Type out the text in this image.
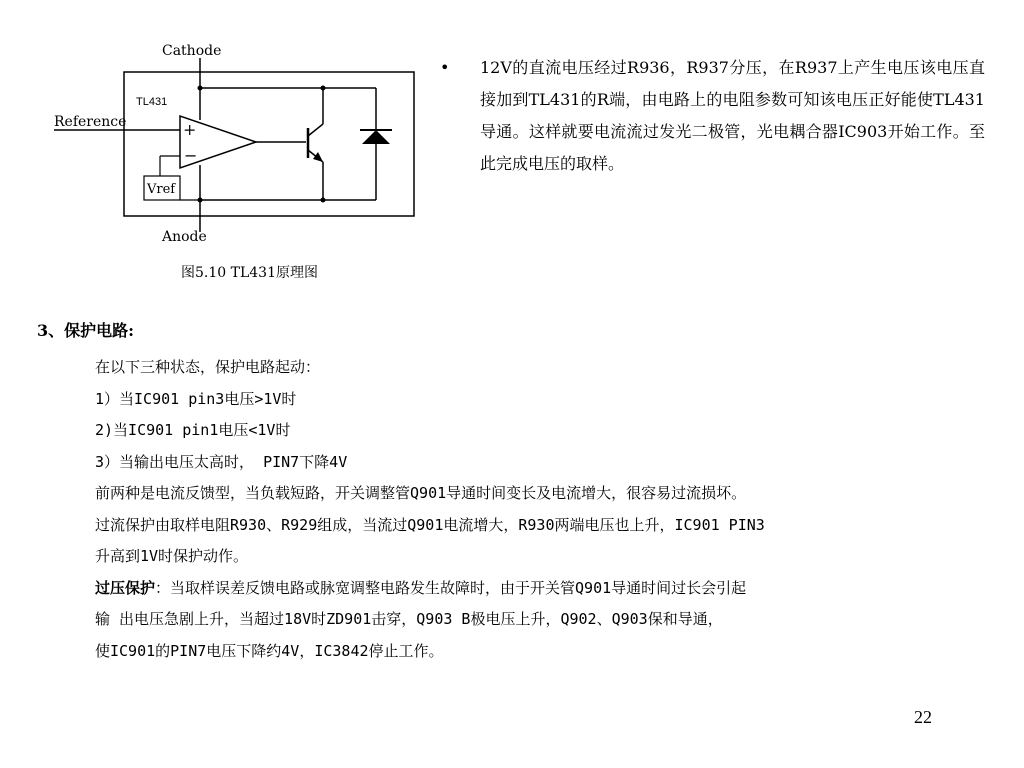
+
−
Vref
Cathode
Anode
Reference
TL431
图5.10 TL431原理图
•	12V的直流电压经过R936，R937分压，在R937上产生电压该电压直接加到TL431的R端，由电路上的电阻参数可知该电压正好能使TL431导通。这样就要电流流过发光二极管，光电耦合器IC903开始工作。至此完成电压的取样。
3、保护电路:
在以下三种状态，保护电路起动：
1）当IC901 pin3电压>1V时
2)当IC901 pin1电压<1V时
3）当输出电压太高时， PIN7下降4V
前两种是电流反馈型，当负载短路，开关调整管Q901导通时间变长及电流增大，很容易过流损坏。
过流保护由取样电阻R930、R929组成，当流过Q901电流增大，R930两端电压也上升，IC901 PIN3
升高到1V时保护动作。
过压保护：当取样误差反馈电路或脉宽调整电路发生故障时，由于开关管Q901导通时间过长会引起
输 出电压急剧上升，当超过18V时ZD901击穿，Q903 B极电压上升，Q902、Q903保和导通，
使IC901的PIN7电压下降约4V，IC3842停止工作。
22
